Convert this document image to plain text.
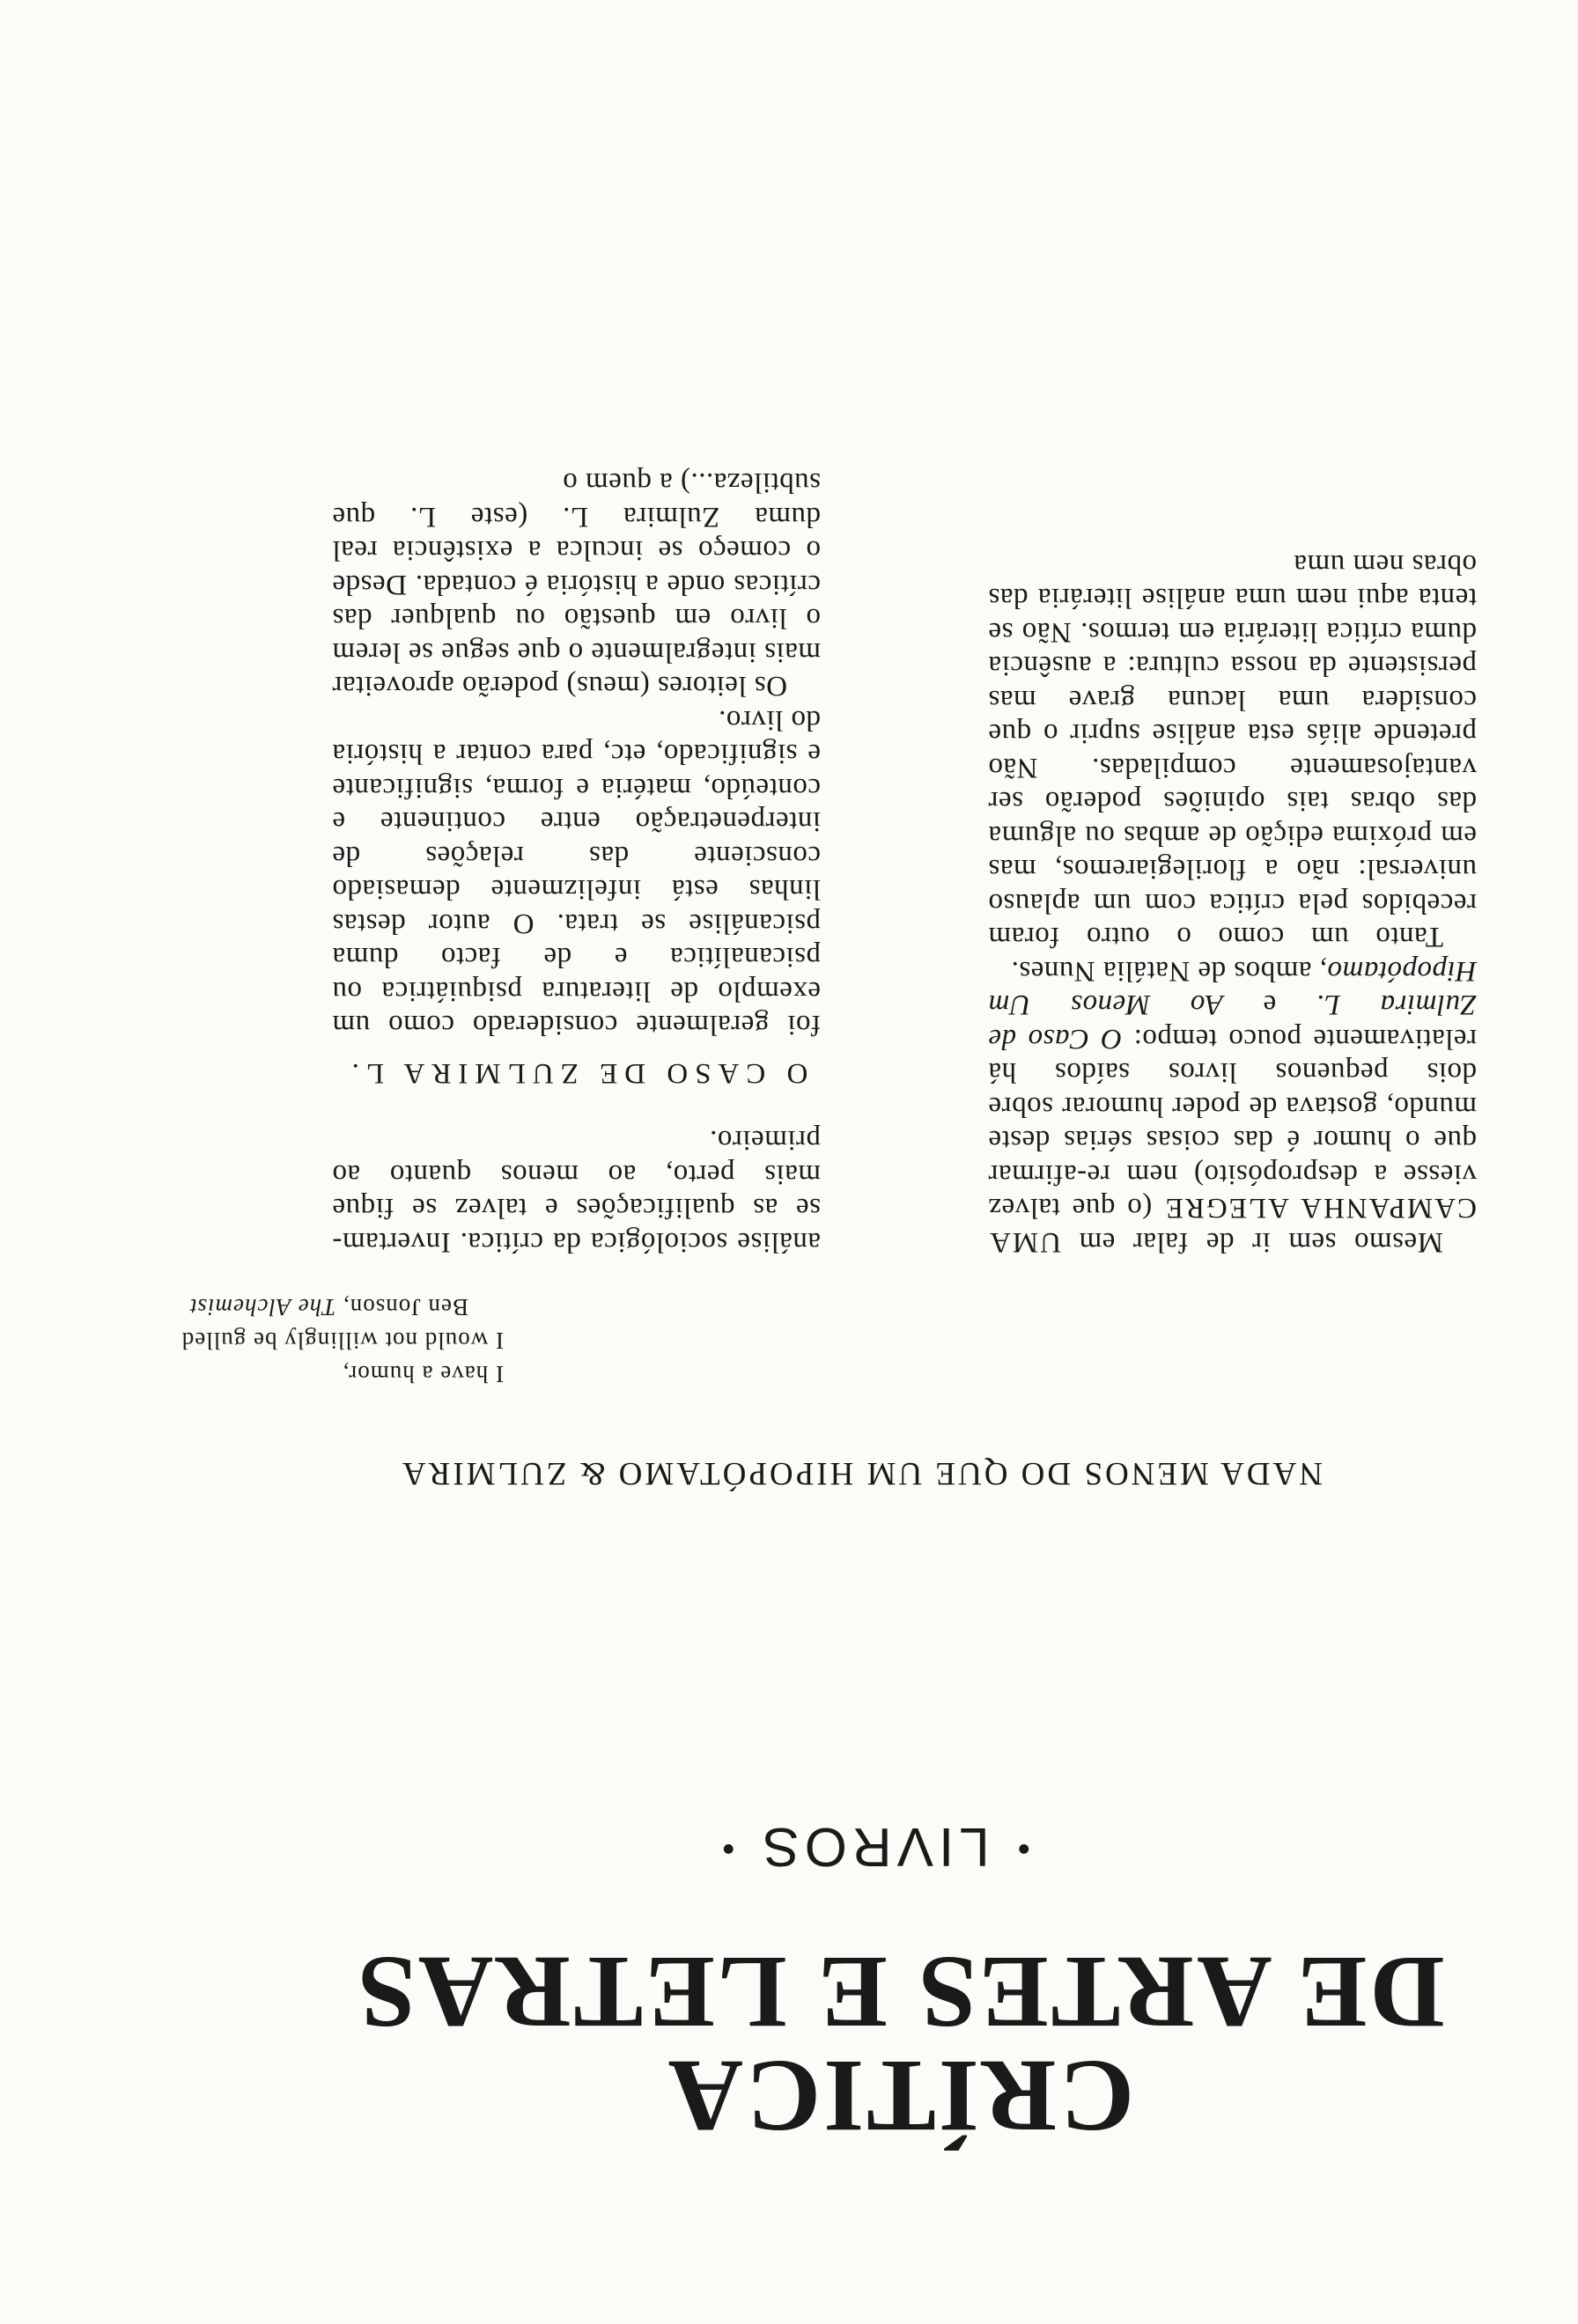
CRÍTICA
DE ARTES E LETRAS
•LIVROS•
NADA MENOS DO QUE UM HIPOPÓTAMO & ZULMIRA
I have a humor,
I would not willingly be gulled
Ben Jonson, The Alchemist

Mesmo sem ir de falar em UMA CAMPANHA ALEGRE (o que talvez viesse a despropósito) nem re-afirmar que o humor é das coisas sérias deste mundo, gostava de poder humorar sobre dois pequenos livros saídos há relativamente pouco tempo: O Caso de Zulmira L. e Ao Menos Um Hipopótamo, ambos de Natália Nunes.

Tanto um como o outro foram recebidos pela crítica com um aplauso universal: não a florilegiaremos, mas em próxima edição de ambas ou alguma das obras tais opiniões poderão ser vantajosamente compiladas. Não pretende aliás esta análise suprir o que considera uma lacuna grave mas persistente da nossa cultura: a ausência duma crítica literária em termos. Não se tenta aqui nem uma análise literária das obras nem uma

análise sociológica da crítica. Invertam-se as qualificações e talvez se fique mais perto, ao menos quanto ao primeiro.

O CASO DE ZULMIRA L.

foi geralmente considerado como um exemplo de literatura psiquiátrica ou psicanalítica e de facto duma psicanálise se trata. O autor destas linhas está infelizmente demasiado consciente das relações de interpenetração entre continente e conteúdo, matéria e forma, significante e significado, etc, para contar a história do livro.

Os leitores (meus) poderão aproveitar mais integralmente o que segue se lerem o livro em questão ou qualquer das críticas onde a história é contada. Desde o começo se inculca a existência real duma Zulmira L. (este L. que subtileza...) a quem o
